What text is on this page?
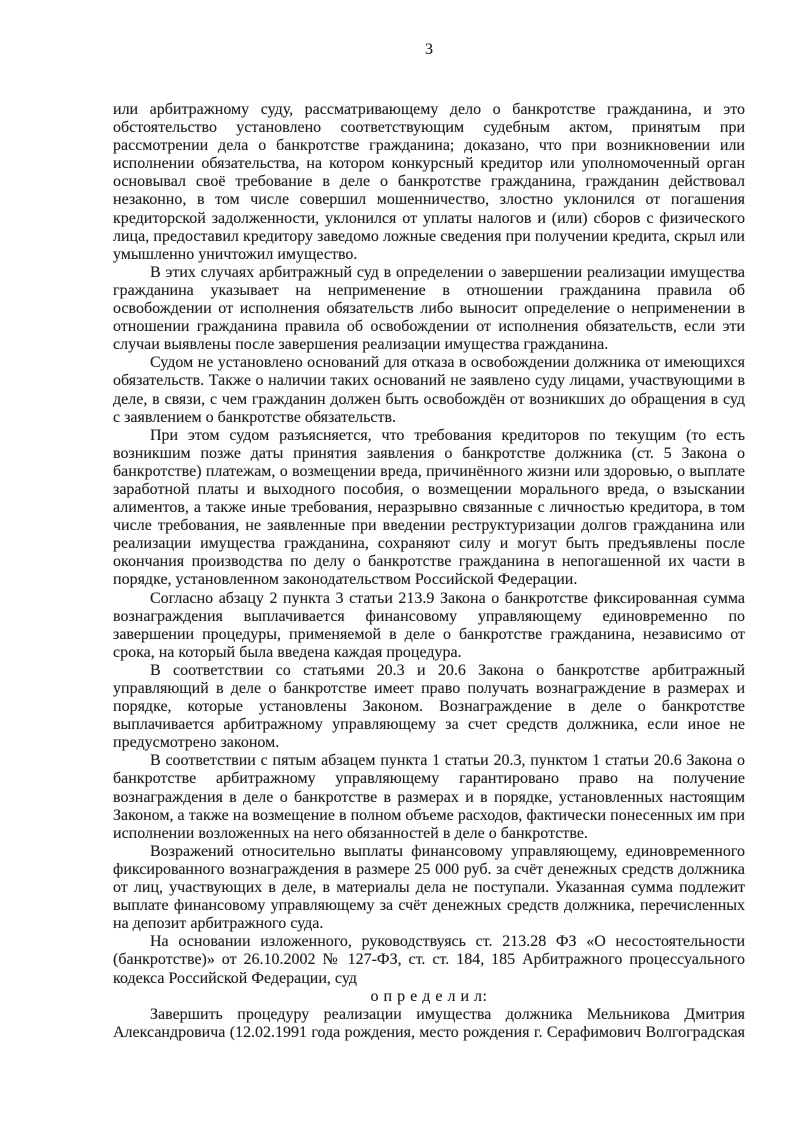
3

или арбитражному суду, рассматривающему дело о банкротстве гражданина, и это обстоятельство установлено соответствующим судебным актом, принятым при рассмотрении дела о банкротстве гражданина; доказано, что при возникновении или исполнении обязательства, на котором конкурсный кредитор или уполномоченный орган основывал своё требование в деле о банкротстве гражданина, гражданин действовал незаконно, в том числе совершил мошенничество, злостно уклонился от погашения кредиторской задолженности, уклонился от уплаты налогов и (или) сборов с физического лица, предоставил кредитору заведомо ложные сведения при получении кредита, скрыл или умышленно уничтожил имущество.

В этих случаях арбитражный суд в определении о завершении реализации имущества гражданина указывает на неприменение в отношении гражданина правила об освобождении от исполнения обязательств либо выносит определение о неприменении в отношении гражданина правила об освобождении от исполнения обязательств, если эти случаи выявлены после завершения реализации имущества гражданина.

Судом не установлено оснований для отказа в освобождении должника от имеющихся обязательств. Также о наличии таких оснований не заявлено суду лицами, участвующими в деле, в связи, с чем гражданин должен быть освобождён от возникших до обращения в суд с заявлением о банкротстве обязательств.

При этом судом разъясняется, что требования кредиторов по текущим (то есть возникшим позже даты принятия заявления о банкротстве должника (ст. 5 Закона о банкротстве) платежам, о возмещении вреда, причинённого жизни или здоровью, о выплате заработной платы и выходного пособия, о возмещении морального вреда, о взыскании алиментов, а также иные требования, неразрывно связанные с личностью кредитора, в том числе требования, не заявленные при введении реструктуризации долгов гражданина или реализации имущества гражданина, сохраняют силу и могут быть предъявлены после окончания производства по делу о банкротстве гражданина в непогашенной их части в порядке, установленном законодательством Российской Федерации.

Согласно абзацу 2 пункта 3 статьи 213.9 Закона о банкротстве фиксированная сумма вознаграждения выплачивается финансовому управляющему единовременно по завершении процедуры, применяемой в деле о банкротстве гражданина, независимо от срока, на который была введена каждая процедура.

В соответствии со статьями 20.3 и 20.6 Закона о банкротстве арбитражный управляющий в деле о банкротстве имеет право получать вознаграждение в размерах и порядке, которые установлены Законом. Вознаграждение в деле о банкротстве выплачивается арбитражному управляющему за счет средств должника, если иное не предусмотрено законом.

В соответствии с пятым абзацем пункта 1 статьи 20.3, пунктом 1 статьи 20.6 Закона о банкротстве арбитражному управляющему гарантировано право на получение вознаграждения в деле о банкротстве в размерах и в порядке, установленных настоящим Законом, а также на возмещение в полном объеме расходов, фактически понесенных им при исполнении возложенных на него обязанностей в деле о банкротстве.

Возражений относительно выплаты финансовому управляющему, единовременного фиксированного вознаграждения в размере 25 000 руб. за счёт денежных средств должника от лиц, участвующих в деле, в материалы дела не поступали. Указанная сумма подлежит выплате финансовому управляющему за счёт денежных средств должника, перечисленных на депозит арбитражного суда.

На основании изложенного, руководствуясь ст. 213.28 ФЗ «О несостоятельности (банкротстве)» от 26.10.2002 № 127-ФЗ, ст. ст. 184, 185 Арбитражного процессуального кодекса Российской Федерации, суд

о п р е д е л и л:

Завершить процедуру реализации имущества должника Мельникова Дмитрия Александровича (12.02.1991 года рождения, место рождения г. Серафимович Волгоградская
